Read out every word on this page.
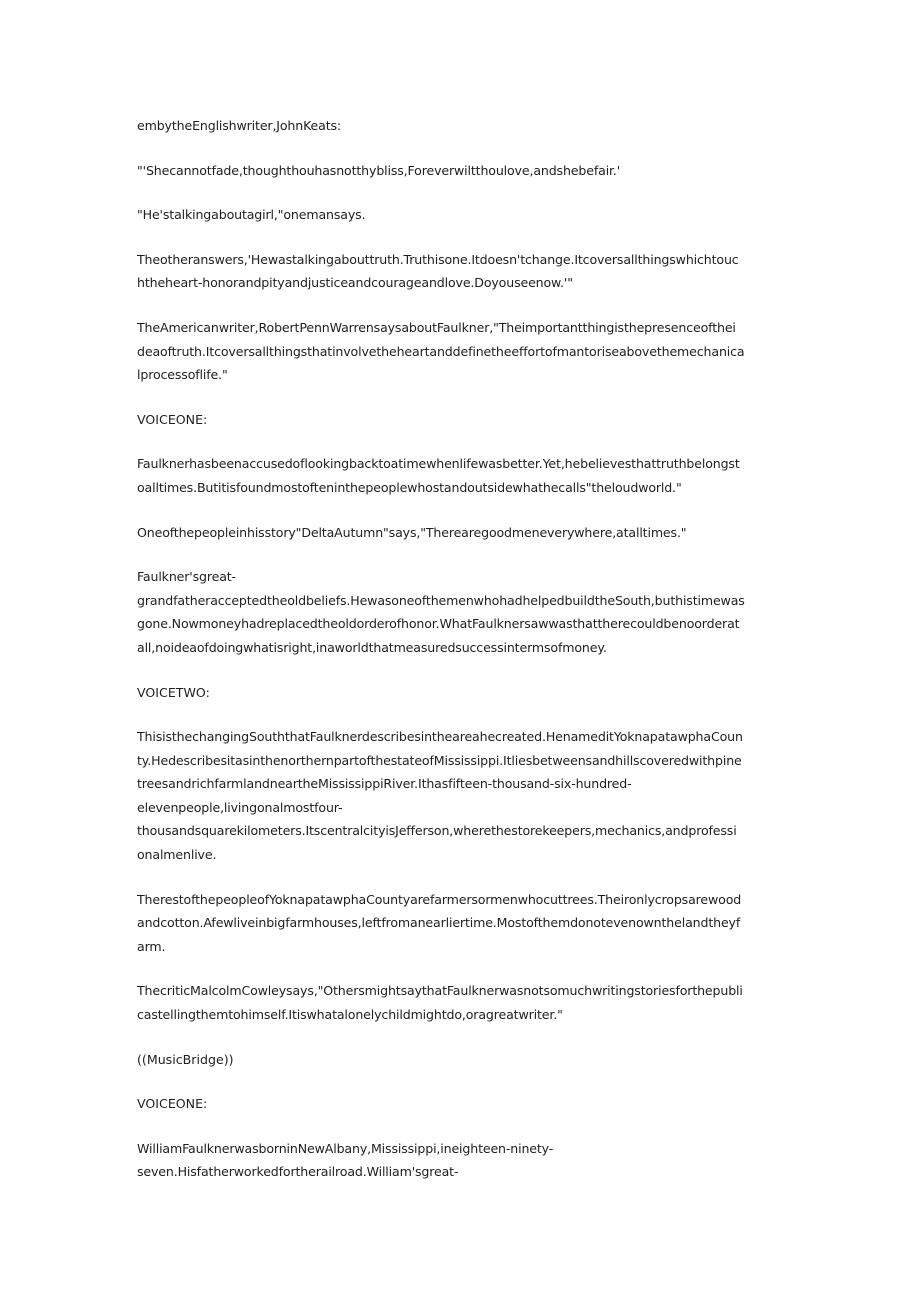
embytheEnglishwriter,JohnKeats:

"'Shecannotfade,thoughthouhasnotthybliss,Foreverwiltthoulove,andshebefair.'

"He'stalkingaboutagirl,"onemansays.

Theotheranswers,'Hewastalkingabouttruth.Truthisone.Itdoesn'tchange.Itcoversallthingswhichtouc
htheheart-honorandpityandjusticeandcourageandlove.Doyouseenow.'"

TheAmericanwriter,RobertPennWarrensaysaboutFaulkner,"Theimportantthingisthepresenceofthei
deaoftruth.Itcoversallthingsthatinvolvetheheartanddefinetheeffortofmantoriseabovethemechanica
lprocessoflife."

VOICEONE:

Faulknerhasbeenaccusedoflookingbacktoatimewhenlifewasbetter.Yet,hebelievesthattruthbelongst
oalltimes.Butitisfoundmostofteninthepeoplewhostandoutsidewhathecalls"theloudworld."

Oneofthepeopleinhisstory"DeltaAutumn"says,"Therearegoodmeneverywhere,atalltimes."

Faulkner'sgreat-
grandfatheracceptedtheoldbeliefs.HewasoneofthemenwhohadhelpedbuildtheSouth,buthistimewas
gone.Nowmoneyhadreplacedtheoldorderofhonor.WhatFaulknersawwasthattherecouldbenoorderat
all,noideaofdoingwhatisright,inaworldthatmeasuredsuccessintermsofmoney.

VOICETWO:

ThisisthechangingSouththatFaulknerdescribesintheareahecreated.HenameditYoknapatawphaCoun
ty.HedescribesitasinthenorthernpartofthestateofMississippi.Itliesbetweensandhillscoveredwithpine
treesandrichfarmlandneartheMississippiRiver.Ithasfifteen-thousand-six-hundred-
elevenpeople,livingonalmostfour-
thousandsquarekilometers.ItscentralcityisJefferson,wherethestorekeepers,mechanics,andprofessi
onalmenlive.

TherestofthepeopleofYoknapatawphaCountyarefarmersormenwhocuttrees.Theironlycropsarewood
andcotton.Afewliveinbigfarmhouses,leftfromanearliertime.Mostofthemdonotevenownthelandtheyf
arm.

ThecriticMalcolmCowleysays,"OthersmightsaythatFaulknerwasnotsomuchwritingstoriesforthepubli
castellingthemtohimself.Itiswhatalonelychildmightdo,oragreatwriter."

((MusicBridge))

VOICEONE:

WilliamFaulknerwasborninNewAlbany,Mississippi,ineighteen-ninety-
seven.Hisfatherworkedfortherailroad.William'sgreat-
